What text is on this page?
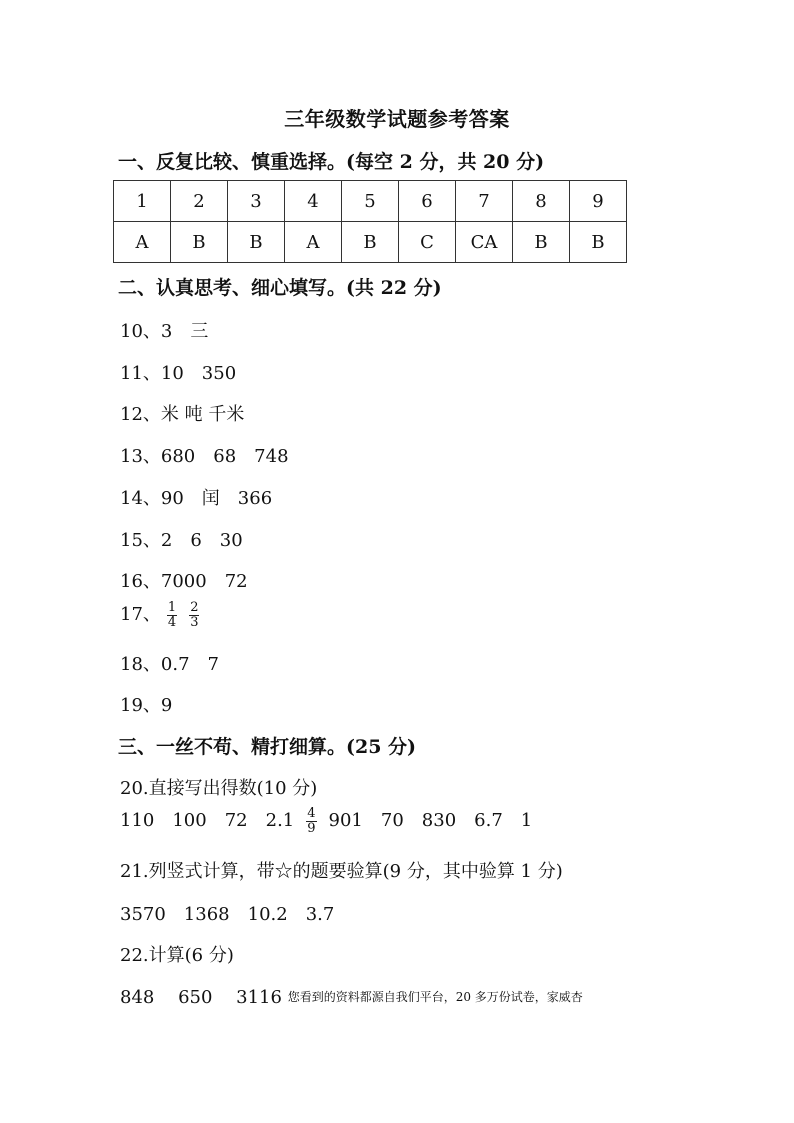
三年级数学试题参考答案
一、反复比较、慎重选择。(每空 2 分，共 20 分)
1	2	3	4	5	6	7	8	9
A	B	B	A	B	C	CA	B	B
二、认真思考、细心填写。(共 22 分)
10、3　三
11、10　350
12、米 吨 千米
13、680　68　748
14、90　闰　366
15、2　6　30
16、7000　72
17、 $\frac{1}{4} \frac{2}{3}$
18、0.7　7
19、9
三、一丝不苟、精打细算。(25 分)
20.直接写出得数(10 分)
110　100　72　$2.1 \frac{4}{9} 901$　70　830　6.7　1
21.列竖式计算，带☆的题要验算(9 分，其中验算 1 分)
3570　1368　10.2　3.7
22.计算(6 分)
848　 650　 3116 您看到的资料都源自我们平台，20 多万份试卷，家威杏
